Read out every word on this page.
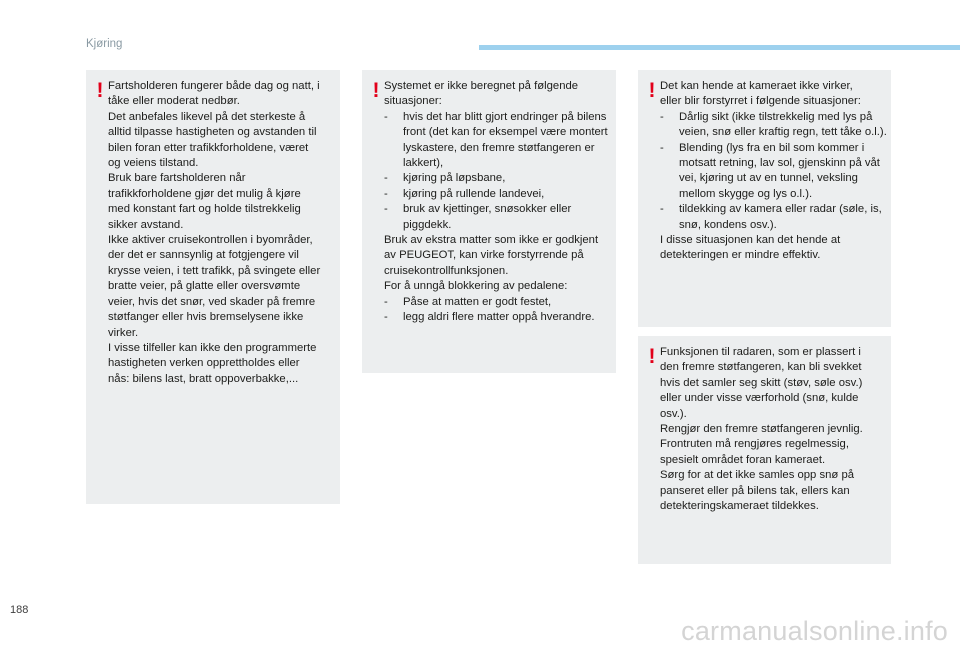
Kjøring
! Fartsholderen fungerer både dag og natt, i

tåke eller moderat nedbør.

Det anbefales likevel på det sterkeste å

alltid tilpasse hastigheten og avstanden til

bilen foran etter trafikkforholdene, været

og veiens tilstand.

Bruk bare fartsholderen når

trafikkforholdene gjør det mulig å kjøre

med konstant fart og holde tilstrekkelig

sikker avstand.

Ikke aktiver cruisekontrollen i byområder,

der det er sannsynlig at fotgjengere vil

krysse veien, i tett trafikk, på svingete eller

bratte veier, på glatte eller oversvømte

veier, hvis det snør, ved skader på fremre

støtfanger eller hvis bremselysene ikke

virker.

I visse tilfeller kan ikke den programmerte

hastigheten verken opprettholdes eller

nås: bilens last, bratt oppoverbakke,...

! Systemet er ikke beregnet på følgende

situasjoner:

- hvis det har blitt gjort endringer på bilens front (det kan for eksempel være montert lyskastere, den fremre støtfangeren er lakkert),

- kjøring på løpsbane,

- kjøring på rullende landevei,

- bruk av kjettinger, snøsokker eller piggdekk.

Bruk av ekstra matter som ikke er godkjent

av PEUGEOT, kan virke forstyrrende på

cruisekontrollfunksjonen.

For å unngå blokkering av pedalene:

- Påse at matten er godt festet,

- legg aldri flere matter oppå hverandre.

! Det kan hende at kameraet ikke virker,

eller blir forstyrret i følgende situasjoner:

- Dårlig sikt (ikke tilstrekkelig med lys på veien, snø eller kraftig regn, tett tåke o.l.).

- Blending (lys fra en bil som kommer i motsatt retning, lav sol, gjenskinn på våt vei, kjøring ut av en tunnel, veksling mellom skygge og lys o.l.).

- tildekking av kamera eller radar (søle, is, snø, kondens osv.).

I disse situasjonen kan det hende at

detekteringen er mindre effektiv.

! Funksjonen til radaren, som er plassert i

den fremre støtfangeren, kan bli svekket

hvis det samler seg skitt (støv, søle osv.)

eller under visse værforhold (snø, kulde

osv.).

Rengjør den fremre støtfangeren jevnlig.

Frontruten må rengjøres regelmessig,

spesielt området foran kameraet.

Sørg for at det ikke samles opp snø på

panseret eller på bilens tak, ellers kan

detekteringskameraet tildekkes.

188
carmanualsonline.info
